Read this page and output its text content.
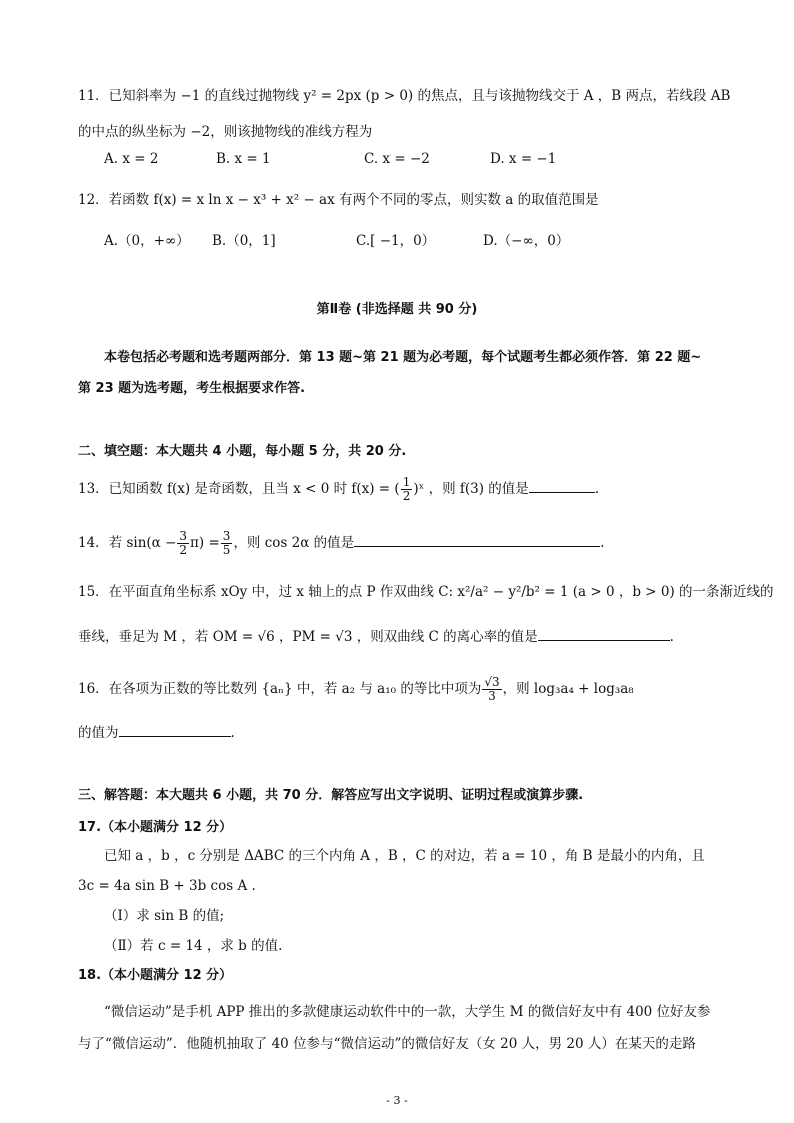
11．已知斜率为 −1 的直线过抛物线 y² = 2px (p > 0) 的焦点，且与该抛物线交于 A ，B 两点，若线段 AB
的中点的纵坐标为 −2，则该抛物线的准线方程为
A. x = 2	B. x = 1	C. x = −2	D. x = −1
12．若函数 f(x) = x ln x − x³ + x² − ax 有两个不同的零点，则实数 a 的取值范围是
A.（0，+∞） B.（0，1]	C.[ −1，0）	D.（−∞，0）
第Ⅱ卷 (非选择题 共 90 分)
本卷包括必考题和选考题两部分．第 13 题~第 21 题为必考题，每个试题考生都必须作答．第 22 题~
第 23 题为选考题，考生根据要求作答.
二、填空题：本大题共 4 小题，每小题 5 分，共 20 分.
13．已知函数 f(x) 是奇函数，且当 x < 0 时 f(x) = ( $\frac{1}{2}$ )ˣ ，则 f(3) 的值是	.
14．若 $\sin(\alpha - \frac{3}{2} \pi) = \frac{3}{5}$ ，则 cos 2α 的值是	.
15．在平面直角坐标系 xOy 中，过 x 轴上的点 P 作双曲线 C: x²/a² − y²/b² = 1 (a > 0 ，b > 0) 的一条渐近线的
垂线，垂足为 M ，若 OM = √6 ，PM = √3 ，则双曲线 C 的离心率的值是	.
16．在各项为正数的等比数列 {aₙ} 中，若 a₂ 与 a₁₀ 的等比中项为 $\frac{√3}{3}$ ，则 log₃a₄ + log₃a₈
的值为	.
三、解答题：本大题共 6 小题，共 70 分．解答应写出文字说明、证明过程或演算步骤.
17.（本小题满分 12 分）
已知 a ，b ，c 分别是 ΔABC 的三个内角 A ，B ，C 的对边，若 a = 10 ，角 B 是最小的内角，且
3c = 4a sin B + 3b cos A .
（Ⅰ）求 sin B 的值;
（Ⅱ）若 c = 14 ，求 b 的值.
18.（本小题满分 12 分）
“微信运动”是手机 APP 推出的多款健康运动软件中的一款，大学生 M 的微信好友中有 400 位好友参
与了“微信运动”．他随机抽取了 40 位参与“微信运动”的微信好友（女 20 人，男 20 人）在某天的走路
- 3 -
